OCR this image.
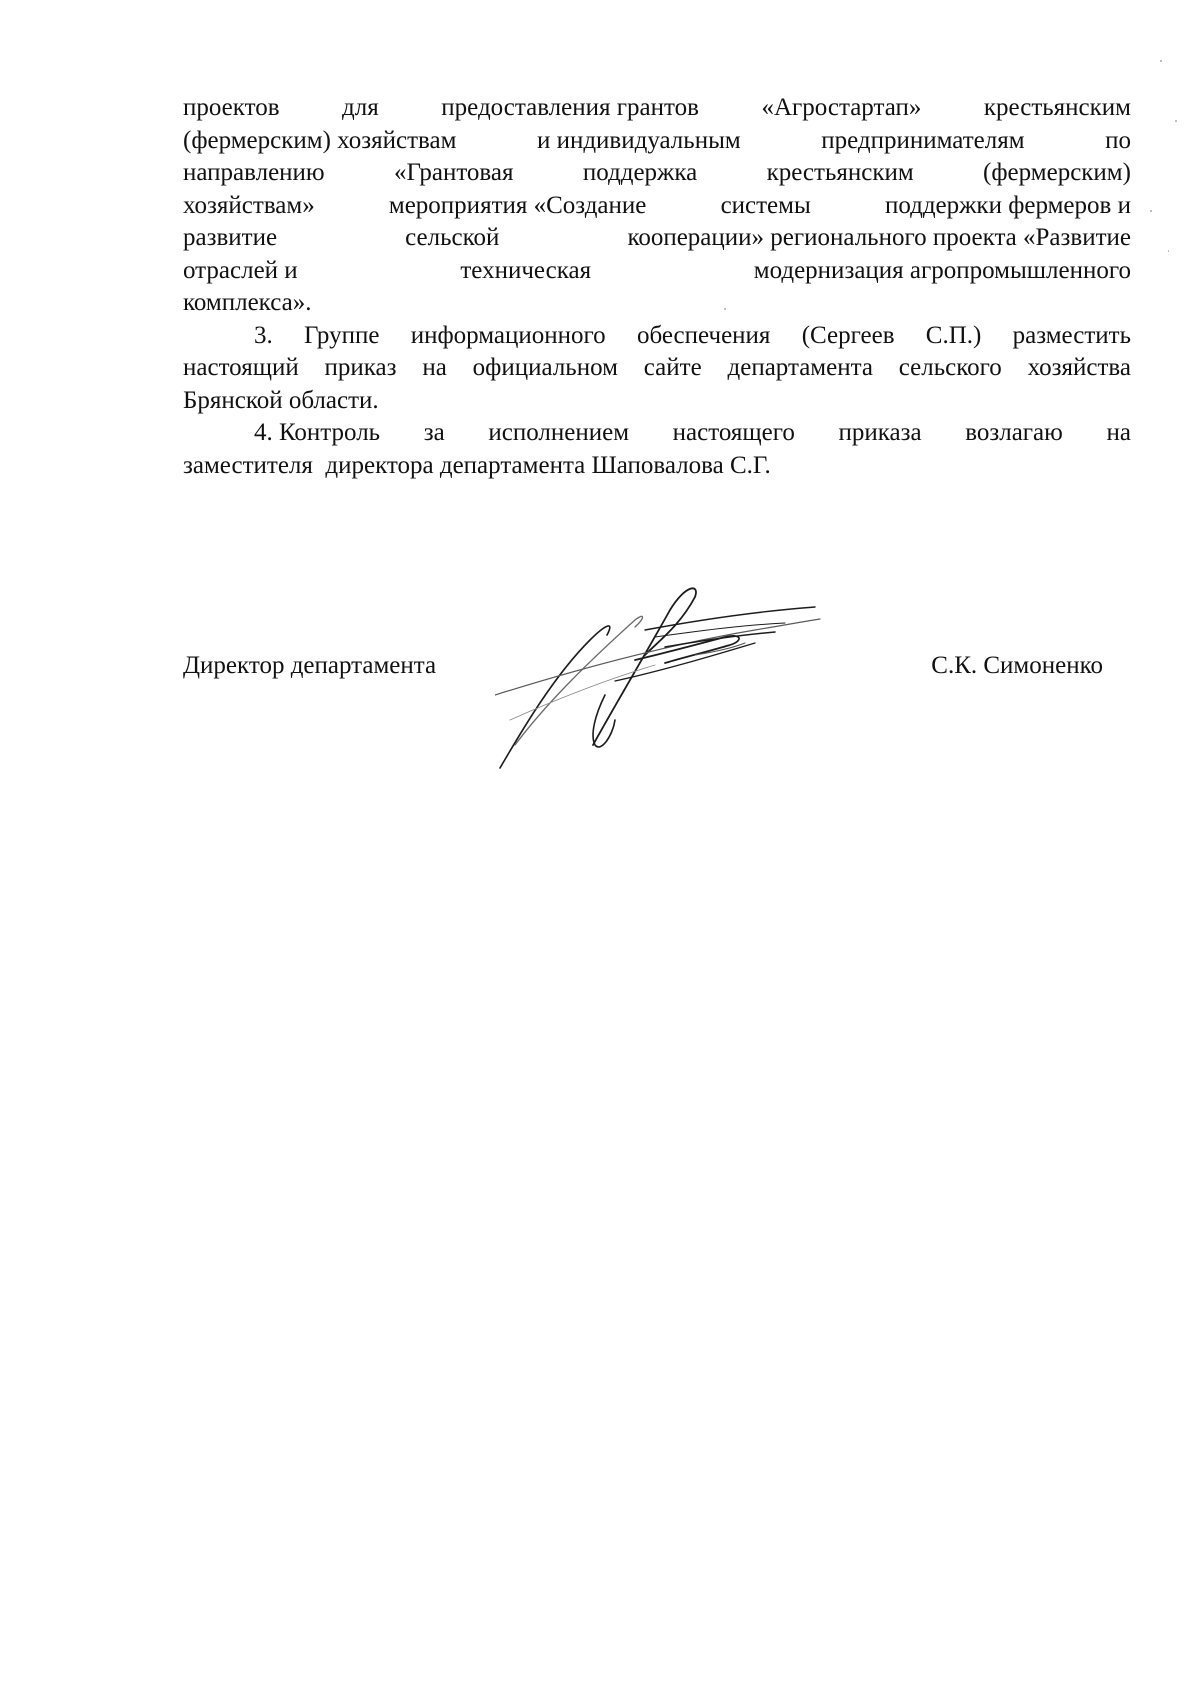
проектов	для	предоставления грантов	«Агростартап»	крестьянским
(фермерским) хозяйствам	и индивидуальным	предпринимателям	по
направлению	«Грантовая	поддержка	крестьянским	(фермерским)
хозяйствам»	мероприятия «Создание	системы	поддержки фермеров и
развитие	сельской	кооперации» регионального проекта «Развитие
отраслей и	техническая	модернизация агропромышленного
комплекса».
3. Группе информационного обеспечения (Сергеев С.П.) разместить
настоящий приказ на официальном сайте департамента сельского хозяйства
Брянской области.
4. Контроль за исполнением настоящего приказа возлагаю на
заместителя  директора департамента Шаповалова С.Г.
Директор департамента	С.К. Симоненко
